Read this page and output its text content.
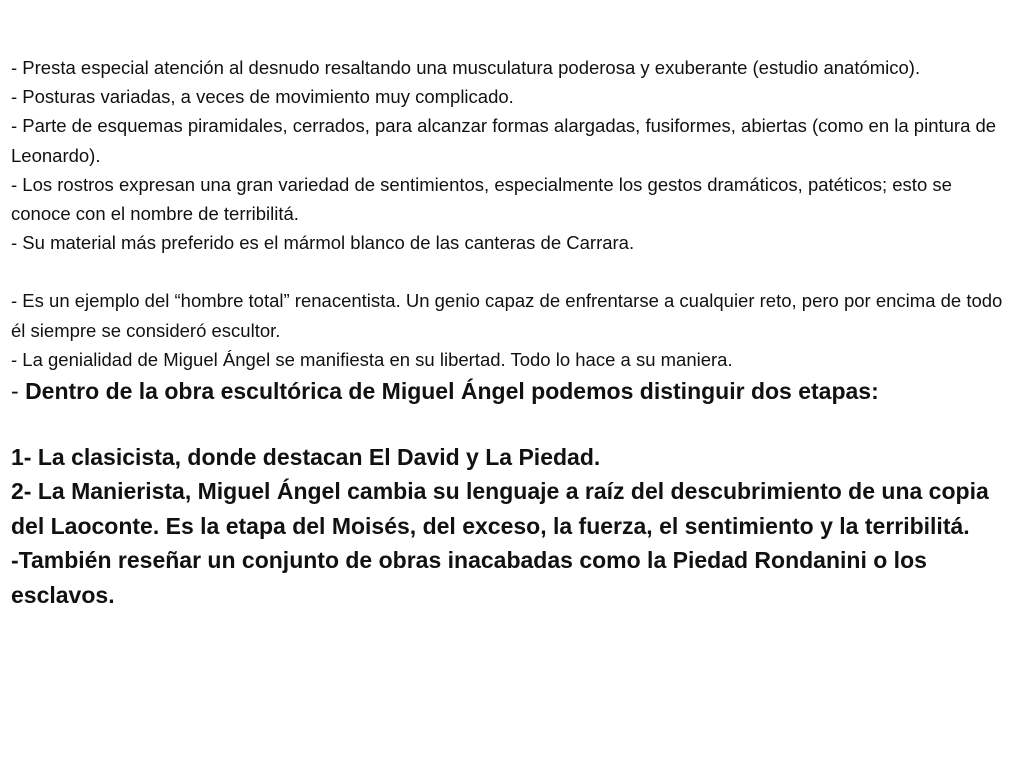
- Presta especial atención al desnudo resaltando una musculatura poderosa y exuberante (estudio anatómico).

- Posturas variadas, a veces de movimiento muy complicado.

- Parte de esquemas piramidales, cerrados, para alcanzar formas alargadas, fusiformes, abiertas (como en la pintura de Leonardo).

- Los rostros expresan una gran variedad de sentimientos, especialmente los gestos dramáticos, patéticos; esto se conoce con el nombre de terribilitá.

- Su material más preferido es el mármol blanco de las canteras de Carrara.

- Es un ejemplo del “hombre total” renacentista. Un genio capaz de enfrentarse a cualquier reto, pero por encima de todo él siempre se consideró escultor.

- La genialidad de Miguel Ángel se manifiesta en su libertad. Todo lo hace a su maniera.

- Dentro de la obra escultórica de Miguel Ángel podemos distinguir dos etapas:

1- La clasicista, donde destacan El David y La Piedad.

2- La Manierista, Miguel Ángel cambia su lenguaje a raíz del descubrimiento de una copia del Laoconte. Es la etapa del Moisés, del exceso, la fuerza, el sentimiento y la terribilitá.

-También reseñar un conjunto de obras inacabadas como la Piedad Rondanini o los esclavos.
